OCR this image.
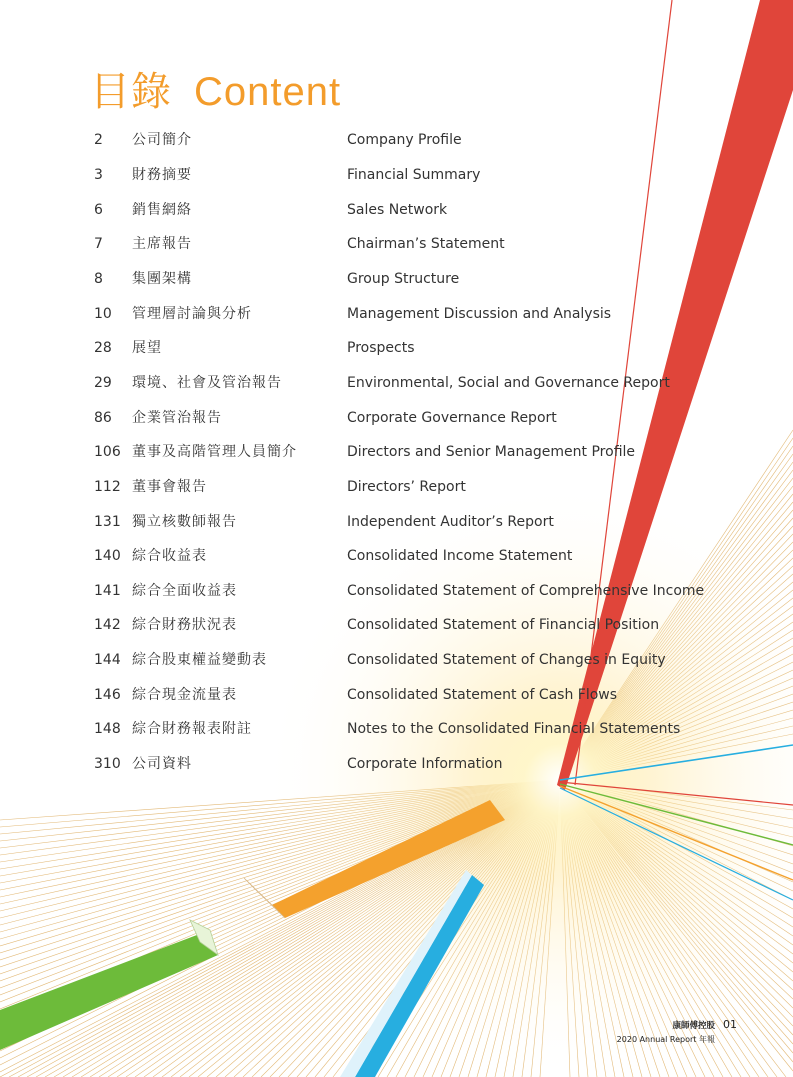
目錄 Content
2	公司簡介	Company Profile
3	財務摘要	Financial Summary
6	銷售網絡	Sales Network
7	主席報告	Chairman’s Statement
8	集團架構	Group Structure
10	管理層討論與分析	Management Discussion and Analysis
28	展望	Prospects
29	環境、社會及管治報告	Environmental, Social and Governance Report
86	企業管治報告	Corporate Governance Report
106 董事及高階管理人員簡介	Directors and Senior Management Profile
112 董事會報告	Directors’ Report
131 獨立核數師報告	Independent Auditor’s Report
140 綜合收益表	Consolidated Income Statement
141 綜合全面收益表	Consolidated Statement of Comprehensive Income
142 綜合財務狀況表	Consolidated Statement of Financial Position
144 綜合股東權益變動表	Consolidated Statement of Changes in Equity
146 綜合現金流量表	Consolidated Statement of Cash Flows
148 綜合財務報表附註	Notes to the Consolidated Financial Statements
310 公司資料	Corporate Information
康師傅控股 01
2020 Annual Report 年報
